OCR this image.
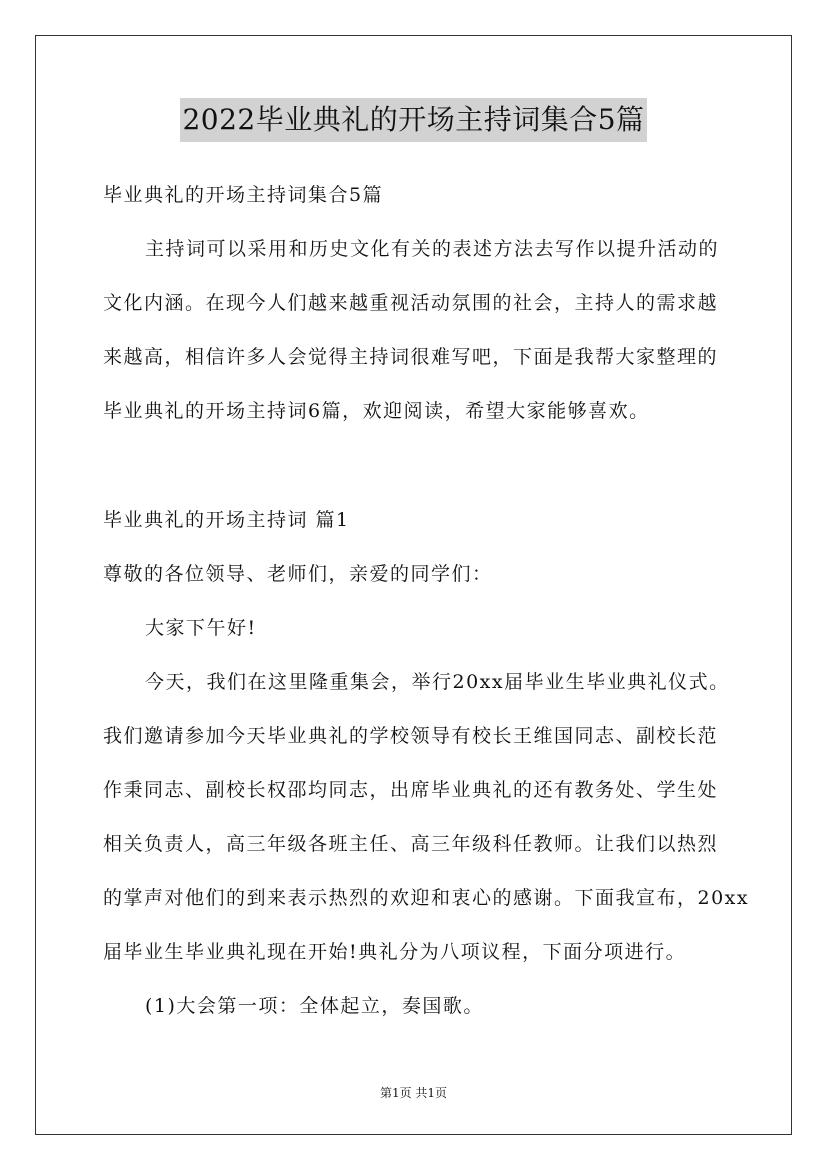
2022毕业典礼的开场主持词集合5篇
毕业典礼的开场主持词集合5篇
主持词可以采用和历史文化有关的表述方法去写作以提升活动的
文化内涵。在现今人们越来越重视活动氛围的社会，主持人的需求越
来越高，相信许多人会觉得主持词很难写吧，下面是我帮大家整理的
毕业典礼的开场主持词6篇，欢迎阅读，希望大家能够喜欢。
毕业典礼的开场主持词 篇1
尊敬的各位领导、老师们，亲爱的同学们：
大家下午好!
今天，我们在这里隆重集会，举行20xx届毕业生毕业典礼仪式。
我们邀请参加今天毕业典礼的学校领导有校长王维国同志、副校长范
作秉同志、副校长权邵均同志，出席毕业典礼的还有教务处、学生处
相关负责人，高三年级各班主任、高三年级科任教师。让我们以热烈
的掌声对他们的到来表示热烈的欢迎和衷心的感谢。下面我宣布，20xx
届毕业生毕业典礼现在开始!典礼分为八项议程，下面分项进行。
(1)大会第一项：全体起立，奏国歌。
第1页 共1页
